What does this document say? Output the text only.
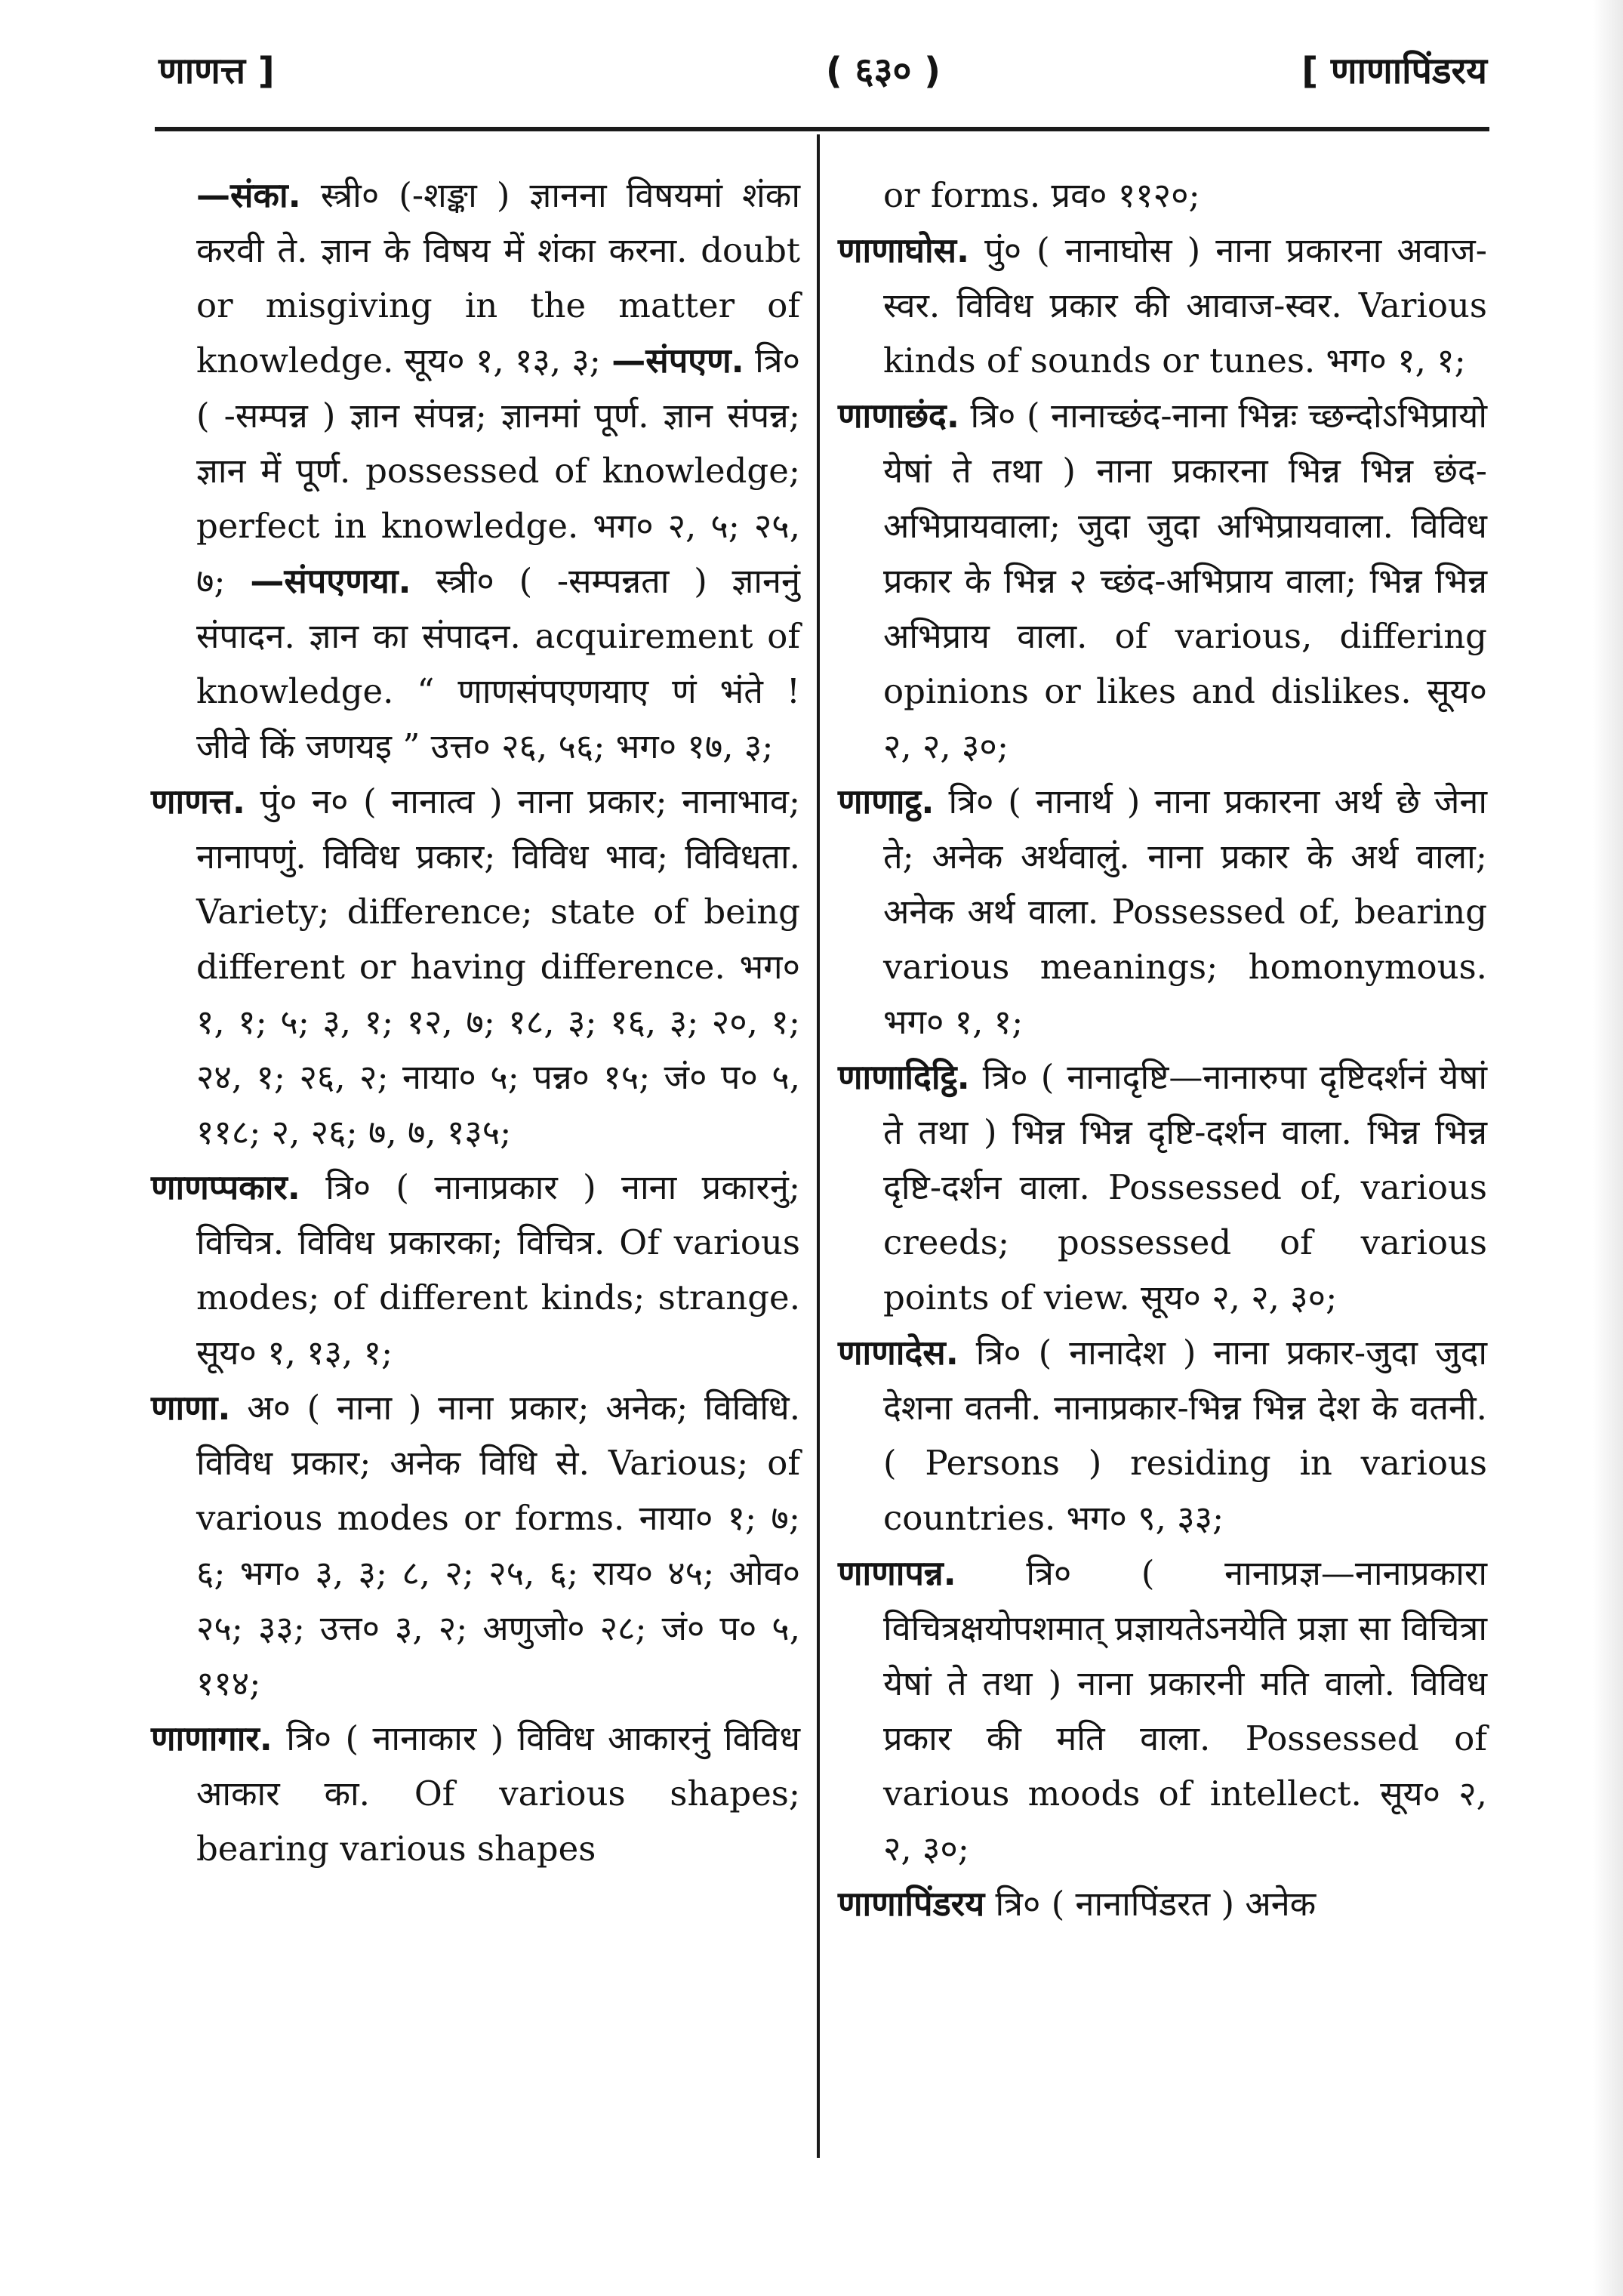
णाणत्त ]	( ६३० )	[ णाणापिंडरय

—संका. स्त्री० (-शङ्का ) ज्ञानना विषयमां शंका करवी ते. ज्ञान के विषय में शंका करना. doubt or misgiving in the matter of knowledge. सूय० १, १३, ३; —संपएण. त्रि० ( -सम्पन्न ) ज्ञान संपन्न; ज्ञानमां पूर्ण. ज्ञान संपन्न; ज्ञान में पूर्ण. possessed of knowledge; perfect in knowledge. भग० २, ५; २५, ७; —संपएणया. स्त्री० ( -सम्पन्नता ) ज्ञाननुं संपादन. ज्ञान का संपादन. acquirement of knowledge. “ णाणसंपएणयाए णं भंते ! जीवे किं जणयइ ” उत्त० २६, ५६; भग० १७, ३;

णाणत्त. पुं० न० ( नानात्व ) नाना प्रकार; नानाभाव; नानापणुं. विविध प्रकार; विविध भाव; विविधता. Variety; difference; state of being different or having difference. भग० १, १; ५; ३, १; १२, ७; १८, ३; १६, ३; २०, १; २४, १; २६, २; नाया० ५; पन्न० १५; जं० प० ५, ११८; २, २६; ७, ७, १३५;

णाणप्पकार. त्रि० ( नानाप्रकार ) नाना प्रकारनुं; विचित्र. विविध प्रकारका; विचित्र. Of various modes; of different kinds; strange. सूय० १, १३, १;

णाणा. अ० ( नाना ) नाना प्रकार; अनेक; विविधि. विविध प्रकार; अनेक विधि से. Various; of various modes or forms. नाया० १; ७; ६; भग० ३, ३; ८, २; २५, ६; राय० ४५; ओव० २५; ३३; उत्त० ३, २; अणुजो० २८; जं० प० ५, ११४;

णाणागार. त्रि० ( नानाकार ) विविध आकारनुं विविध आकार का. Of various shapes; bearing various shapes

or forms. प्रव० ११२०;

णाणाघोस. पुं० ( नानाघोस ) नाना प्रकारना अवाज-स्वर. विविध प्रकार की आवाज-स्वर. Various kinds of sounds or tunes. भग० १, १;

णाणाछंद. त्रि० ( नानाच्छंद-नाना भिन्नः च्छन्दोऽभिप्रायो येषां ते तथा ) नाना प्रकारना भिन्न भिन्न छंद-अभिप्रायवाला; जुदा जुदा अभिप्रायवाला. विविध प्रकार के भिन्न २ च्छंद-अभिप्राय वाला; भिन्न भिन्न अभिप्राय वाला. of various, differing opinions or likes and dislikes. सूय० २, २, ३०;

णाणाट्ठ. त्रि० ( नानार्थ ) नाना प्रकारना अर्थ छे जेना ते; अनेक अर्थवालुं. नाना प्रकार के अर्थ वाला; अनेक अर्थ वाला. Possessed of, bearing various meanings; homonymous. भग० १, १;

णाणादिट्ठि. त्रि० ( नानादृष्टि—नानारुपा दृष्टिदर्शनं येषां ते तथा ) भिन्न भिन्न दृष्टि-दर्शन वाला. भिन्न भिन्न दृष्टि-दर्शन वाला. Possessed of, various creeds; possessed of various points of view. सूय० २, २, ३०;

णाणादेस. त्रि० ( नानादेश ) नाना प्रकार-जुदा जुदा देशना वतनी. नानाप्रकार-भिन्न भिन्न देश के वतनी. ( Persons ) residing in various countries. भग० ९, ३३;

णाणापन्न. त्रि० ( नानाप्रज्ञ—नानाप्रकारा विचित्रक्षयोपशमात् प्रज्ञायतेऽनयेति प्रज्ञा सा विचित्रा येषां ते तथा ) नाना प्रकारनी मति वालो. विविध प्रकार की मति वाला. Possessed of various moods of intellect. सूय० २, २, ३०;

णाणापिंडरय त्रि० ( नानापिंडरत ) अनेक
